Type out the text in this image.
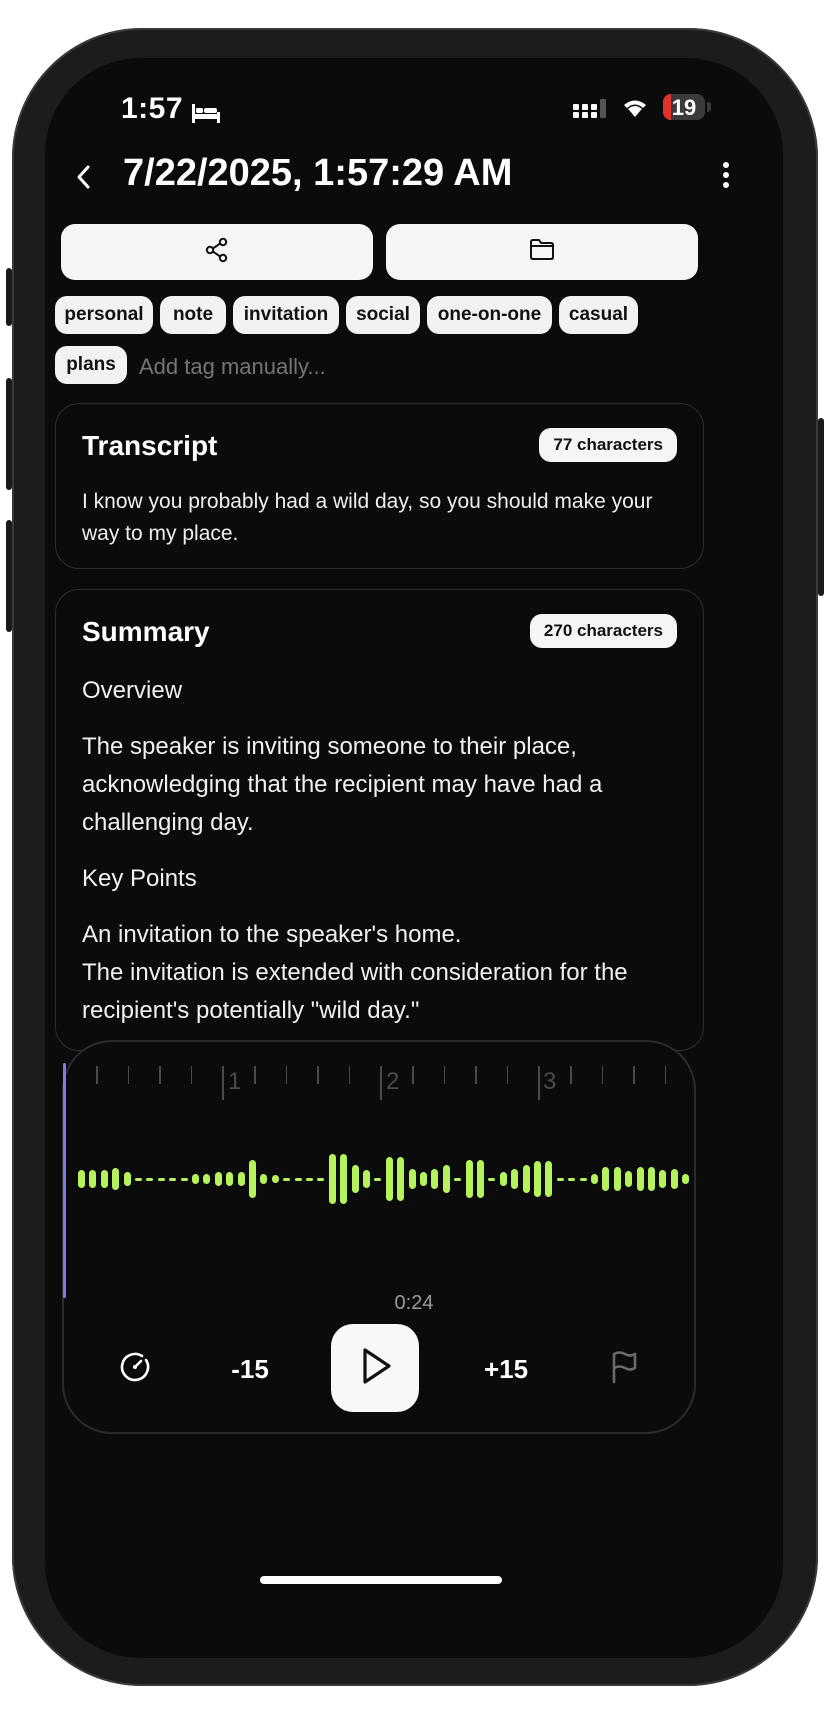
1:57	19
7/22/2025, 1:57:29 AM
personal	note	invitation	social	one-on-one	casual
plans
Add tag manually...
Transcript	77 characters
I know you probably had a wild day, so you should make your way to my place.
Summary	270 characters
Overview
The speaker is inviting someone to their place, acknowledging that the recipient may have had a challenging day.
Key Points
An invitation to the speaker's home.
The invitation is extended with consideration for the recipient's potentially "wild day."
1	2	3
0:24
-15	+15
